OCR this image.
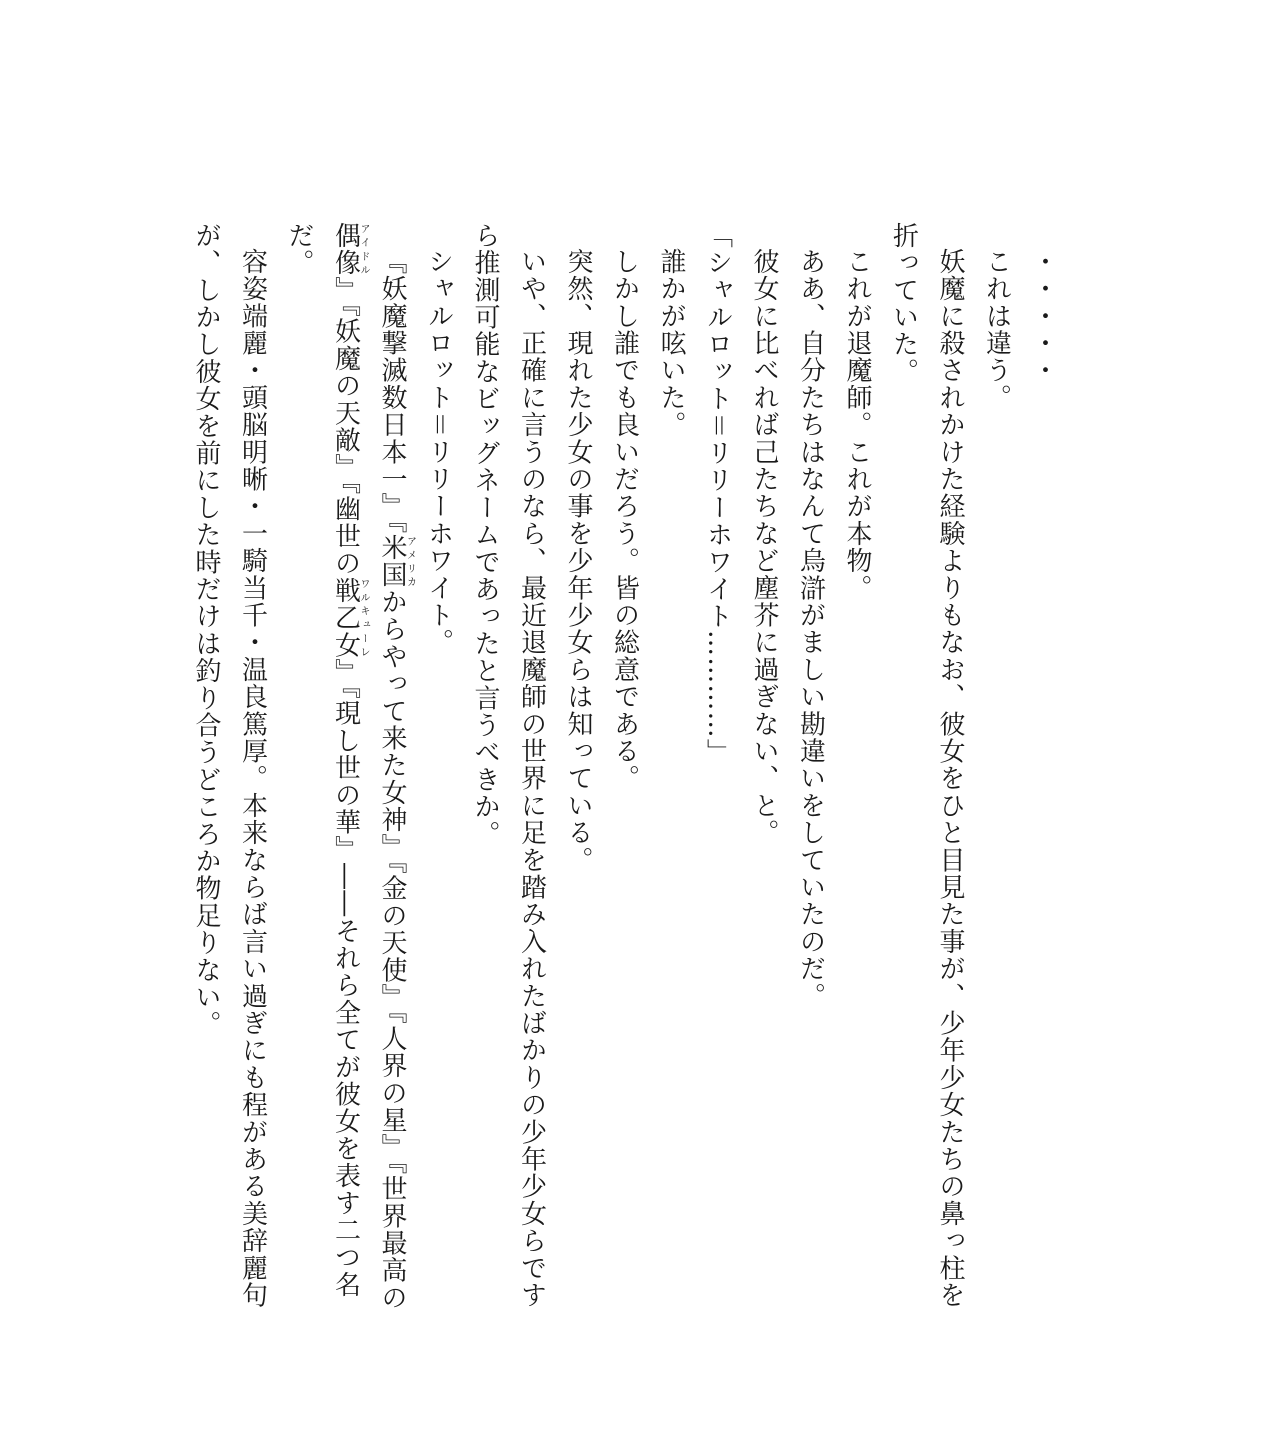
・・・・・

これは違う。

妖魔に殺されかけた経験よりもなお、彼女をひと目見た事が、少年少女たちの鼻っ柱を折っていた。

これが退魔師。これが本物。

ああ、自分たちはなんて烏滸がましい勘違いをしていたのだ。

彼女に比べれば己たちなど塵芥に過ぎない、と。

「シャルロット＝リリーホワイト…………」

誰かが呟いた。

しかし誰でも良いだろう。皆の総意である。

突然、現れた少女の事を少年少女らは知っている。

いや、正確に言うのなら、最近退魔師の世界に足を踏み入れたばかりの少年少女らですら推測可能なビッグネームであったと言うべきか。

シャルロット＝リリーホワイト。

『妖魔撃滅数日本一』『米国アメリカからやって来た女神』『金の天使』『人界の星』『世界最高の偶像アイドル』『妖魔の天敵』『幽世の戦乙女ワルキューレ』『現し世の華』――それら全てが彼女を表す二つ名だ。

容姿端麗・頭脳明晰・一騎当千・温良篤厚。本来ならば言い過ぎにも程がある美辞麗句が、しかし彼女を前にした時だけは釣り合うどころか物足りない。
